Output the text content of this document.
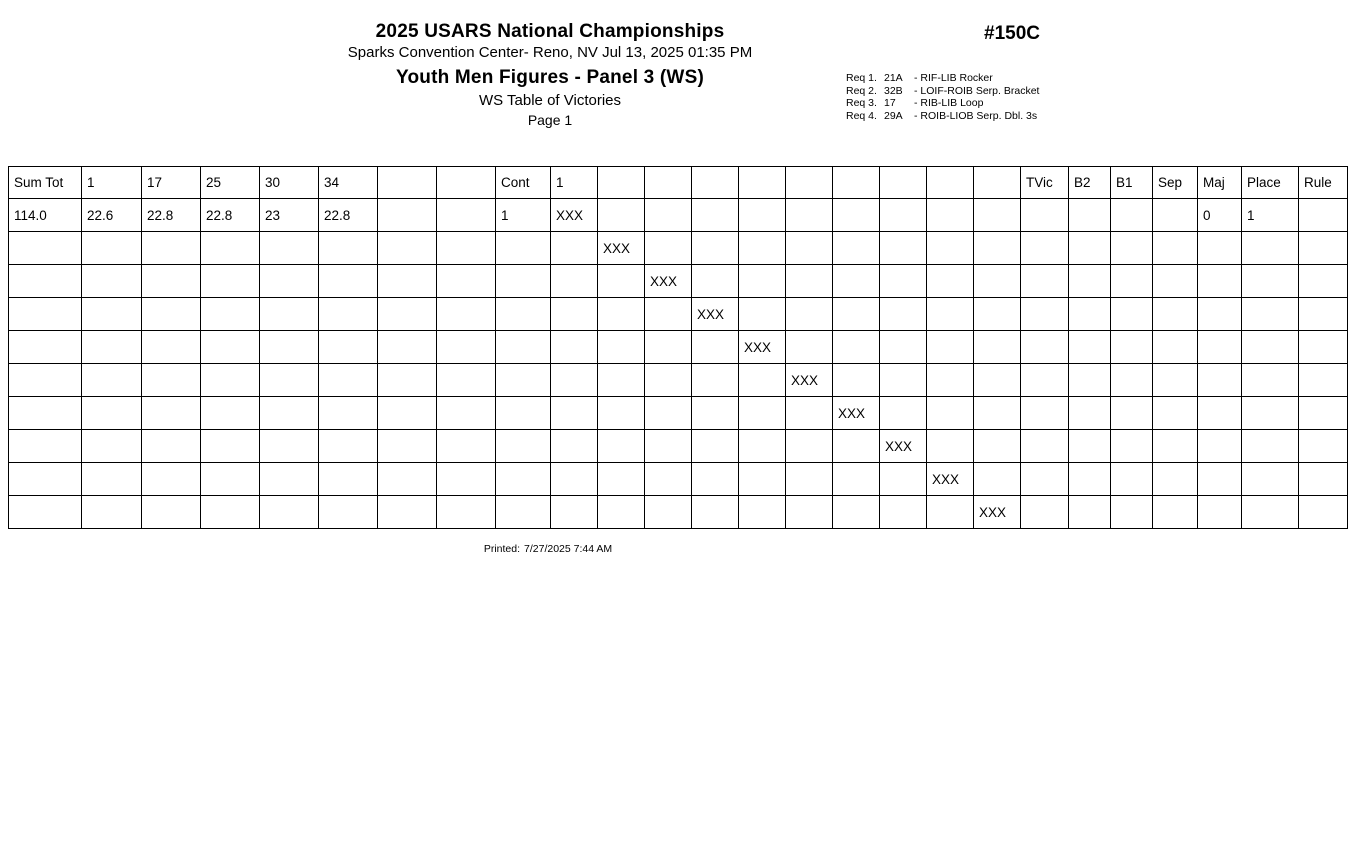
2025 USARS National Championships
Sparks Convention Center- Reno, NV Jul 13, 2025 01:35 PM
Youth Men Figures - Panel 3 (WS)
WS Table of Victories
Page 1
#150C
Req 1. 21A - RIF-LIB Rocker
Req 2. 32B - LOIF-ROIB Serp. Bracket
Req 3. 17 - RIB-LIB Loop
Req 4. 29A - ROIB-LIOB Serp. Dbl. 3s
Sum Tot	1	17	25	30	34			Cont	1										TVic	B2	B1	Sep	Maj	Place	Rule
114.0	22.6	22.8	22.8	23	22.8			1	XXX														0	1	
										XXX															
											XXX														
												XXX													
													XXX												
														XXX											
															XXX										
																XXX									
																	XXX								
																		XXX							
Printed: 7/27/2025 7:44 AM
